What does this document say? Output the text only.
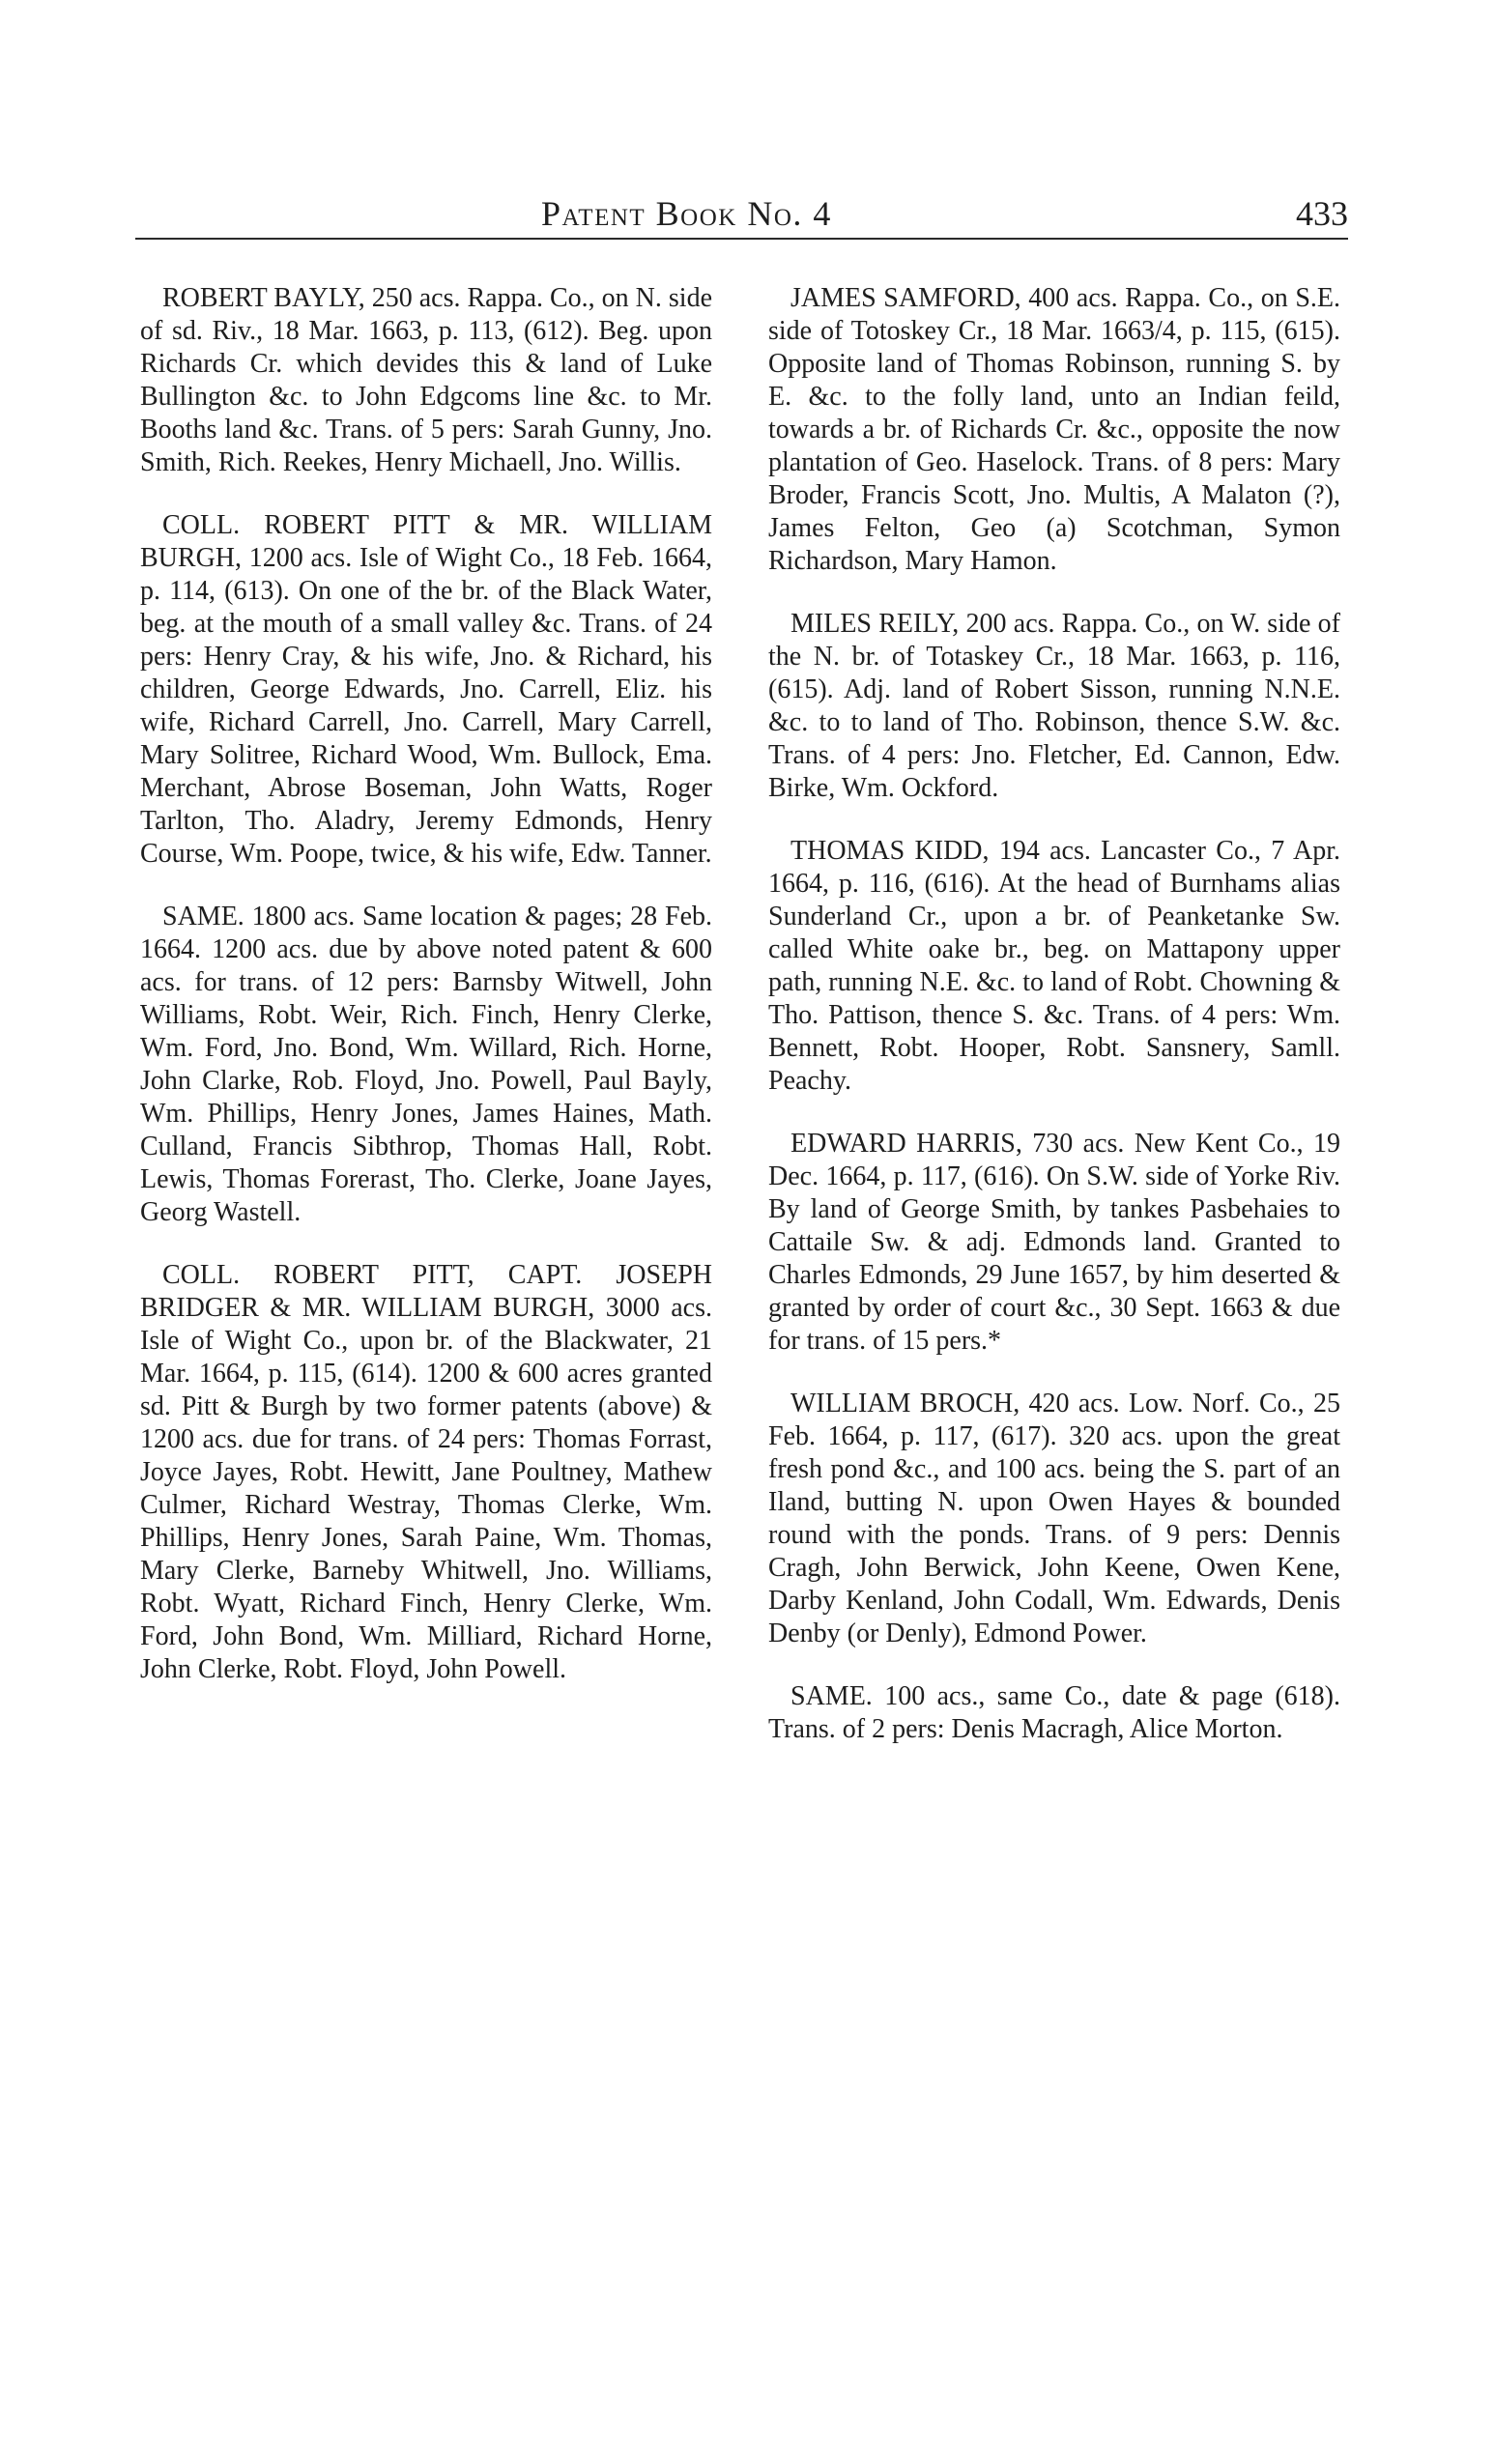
Patent Book No. 4	433

ROBERT BAYLY, 250 acs. Rappa. Co., on N. side of sd. Riv., 18 Mar. 1663, p. 113, (612). Beg. upon Richards Cr. which devides this & land of Luke Bullington &c. to John Edgcoms line &c. to Mr. Booths land &c. Trans. of 5 pers: Sarah Gunny, Jno. Smith, Rich. Reekes, Henry Michaell, Jno. Willis.

COLL. ROBERT PITT & MR. WILLIAM BURGH, 1200 acs. Isle of Wight Co., 18 Feb. 1664, p. 114, (613). On one of the br. of the Black Water, beg. at the mouth of a small valley &c. Trans. of 24 pers: Henry Cray, & his wife, Jno. & Richard, his children, George Edwards, Jno. Carrell, Eliz. his wife, Richard Carrell, Jno. Carrell, Mary Carrell, Mary Solitree, Richard Wood, Wm. Bullock, Ema. Merchant, Abrose Boseman, John Watts, Roger Tarlton, Tho. Aladry, Jeremy Edmonds, Henry Course, Wm. Poope, twice, & his wife, Edw. Tanner.

SAME. 1800 acs. Same location & pages; 28 Feb. 1664. 1200 acs. due by above noted patent & 600 acs. for trans. of 12 pers: Barnsby Witwell, John Williams, Robt. Weir, Rich. Finch, Henry Clerke, Wm. Ford, Jno. Bond, Wm. Willard, Rich. Horne, John Clarke, Rob. Floyd, Jno. Powell, Paul Bayly, Wm. Phillips, Henry Jones, James Haines, Math. Culland, Francis Sibthrop, Thomas Hall, Robt. Lewis, Thomas Forerast, Tho. Clerke, Joane Jayes, Georg Wastell.

COLL. ROBERT PITT, CAPT. JOSEPH BRIDGER & MR. WILLIAM BURGH, 3000 acs. Isle of Wight Co., upon br. of the Blackwater, 21 Mar. 1664, p. 115, (614). 1200 & 600 acres granted sd. Pitt & Burgh by two former patents (above) & 1200 acs. due for trans. of 24 pers: Thomas Forrast, Joyce Jayes, Robt. Hewitt, Jane Poultney, Mathew Culmer, Richard Westray, Thomas Clerke, Wm. Phillips, Henry Jones, Sarah Paine, Wm. Thomas, Mary Clerke, Barneby Whitwell, Jno. Williams, Robt. Wyatt, Richard Finch, Henry Clerke, Wm. Ford, John Bond, Wm. Milliard, Richard Horne, John Clerke, Robt. Floyd, John Powell.

JAMES SAMFORD, 400 acs. Rappa. Co., on S.E. side of Totoskey Cr., 18 Mar. 1663/4, p. 115, (615). Opposite land of Thomas Robinson, running S. by E. &c. to the folly land, unto an Indian feild, towards a br. of Richards Cr. &c., opposite the now plantation of Geo. Haselock. Trans. of 8 pers: Mary Broder, Francis Scott, Jno. Multis, A Malaton (?), James Felton, Geo (a) Scotchman, Symon Richardson, Mary Hamon.

MILES REILY, 200 acs. Rappa. Co., on W. side of the N. br. of Totaskey Cr., 18 Mar. 1663, p. 116, (615). Adj. land of Robert Sisson, running N.N.E. &c. to to land of Tho. Robinson, thence S.W. &c. Trans. of 4 pers: Jno. Fletcher, Ed. Cannon, Edw. Birke, Wm. Ockford.

THOMAS KIDD, 194 acs. Lancaster Co., 7 Apr. 1664, p. 116, (616). At the head of Burnhams alias Sunderland Cr., upon a br. of Peanketanke Sw. called White oake br., beg. on Mattapony upper path, running N.E. &c. to land of Robt. Chowning & Tho. Pattison, thence S. &c. Trans. of 4 pers: Wm. Bennett, Robt. Hooper, Robt. Sansnery, Samll. Peachy.

EDWARD HARRIS, 730 acs. New Kent Co., 19 Dec. 1664, p. 117, (616). On S.W. side of Yorke Riv. By land of George Smith, by tankes Pasbehaies to Cattaile Sw. & adj. Edmonds land. Granted to Charles Edmonds, 29 June 1657, by him deserted & granted by order of court &c., 30 Sept. 1663 & due for trans. of 15 pers.*

WILLIAM BROCH, 420 acs. Low. Norf. Co., 25 Feb. 1664, p. 117, (617). 320 acs. upon the great fresh pond &c., and 100 acs. being the S. part of an Iland, butting N. upon Owen Hayes & bounded round with the ponds. Trans. of 9 pers: Dennis Cragh, John Berwick, John Keene, Owen Kene, Darby Kenland, John Codall, Wm. Edwards, Denis Denby (or Denly), Edmond Power.

SAME. 100 acs., same Co., date & page (618). Trans. of 2 pers: Denis Macragh, Alice Morton.
